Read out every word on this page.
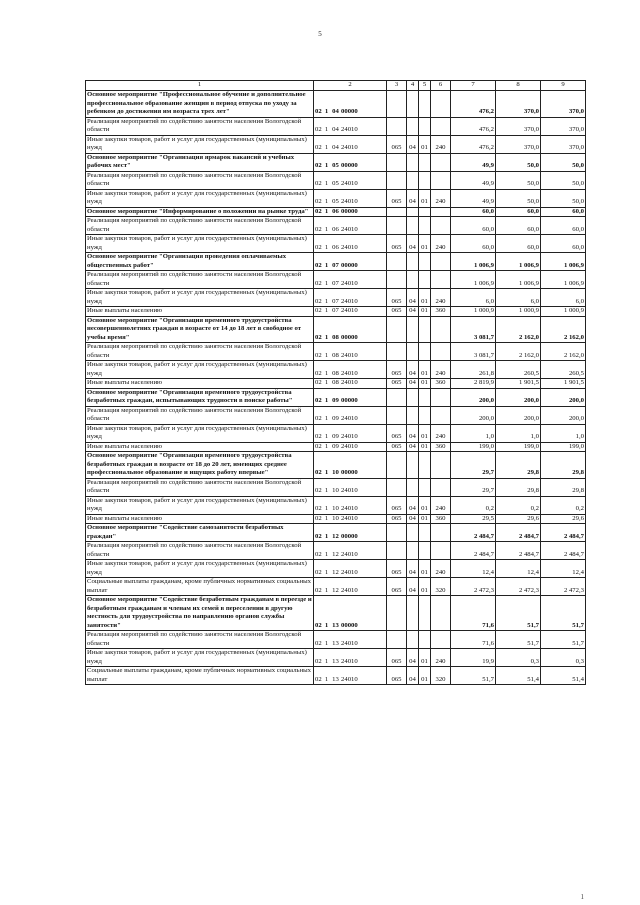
5
1
1	2	3	4	5	6	7	8	9
Основное мероприятие "Профессиональное обучение и дополнительное профессиональное образование женщин в период отпуска по уходу за ребенком до достижения им возраста трех лет"	02 1 04 00000					476,2	370,0	370,0
Реализация мероприятий по содействию занятости населения Вологодской области	02 1 04 24010					476,2	370,0	370,0
Иные закупки товаров, работ и услуг для государственных (муниципальных) нужд	02 1 04 24010	065	04	01	240	476,2	370,0	370,0
Основное мероприятие "Организация ярмарок вакансий и учебных рабочих мест"	02 1 05 00000					49,9	50,0	50,0
Реализация мероприятий по содействию занятости населения Вологодской области	02 1 05 24010					49,9	50,0	50,0
Иные закупки товаров, работ и услуг для государственных (муниципальных) нужд	02 1 05 24010	065	04	01	240	49,9	50,0	50,0
Основное мероприятие "Информирование о положении на рынке труда"	02 1 06 00000					60,0	60,0	60,0
Реализация мероприятий по содействию занятости населения Вологодской области	02 1 06 24010					60,0	60,0	60,0
Иные закупки товаров, работ и услуг для государственных (муниципальных) нужд	02 1 06 24010	065	04	01	240	60,0	60,0	60,0
Основное мероприятие "Организация проведения оплачиваемых общественных работ"	02 1 07 00000					1 006,9	1 006,9	1 006,9
Реализация мероприятий по содействию занятости населения Вологодской области	02 1 07 24010					1 006,9	1 006,9	1 006,9
Иные закупки товаров, работ и услуг для государственных (муниципальных) нужд	02 1 07 24010	065	04	01	240	6,0	6,0	6,0
Иные выплаты населению	02 1 07 24010	065	04	01	360	1 000,9	1 000,9	1 000,9
Основное мероприятие "Организация временного трудоустройства несовершеннолетних граждан в возрасте от 14 до 18 лет в свободное от учебы время"	02 1 08 00000					3 081,7	2 162,0	2 162,0
Реализация мероприятий по содействию занятости населения Вологодской области	02 1 08 24010					3 081,7	2 162,0	2 162,0
Иные закупки товаров, работ и услуг для государственных (муниципальных) нужд	02 1 08 24010	065	04	01	240	261,8	260,5	260,5
Иные выплаты населению	02 1 08 24010	065	04	01	360	2 819,9	1 901,5	1 901,5
Основное мероприятие "Организация временного трудоустройства безработных граждан, испытывающих трудности в поиске работы"	02 1 09 00000					200,0	200,0	200,0
Реализация мероприятий по содействию занятости населения Вологодской области	02 1 09 24010					200,0	200,0	200,0
Иные закупки товаров, работ и услуг для государственных (муниципальных) нужд	02 1 09 24010	065	04	01	240	1,0	1,0	1,0
Иные выплаты населению	02 1 09 24010	065	04	01	360	199,0	199,0	199,0
Основное мероприятие "Организация временного трудоустройства безработных граждан в возрасте от 18 до 20 лет, имеющих среднее профессиональное образование и ищущих работу впервые"	02 1 10 00000					29,7	29,8	29,8
Реализация мероприятий по содействию занятости населения Вологодской области	02 1 10 24010					29,7	29,8	29,8
Иные закупки товаров, работ и услуг для государственных (муниципальных) нужд	02 1 10 24010	065	04	01	240	0,2	0,2	0,2
Иные выплаты населению	02 1 10 24010	065	04	01	360	29,5	29,6	29,6
Основное мероприятие "Содействие самозанятости безработных граждан"	02 1 12 00000					2 484,7	2 484,7	2 484,7
Реализация мероприятий по содействию занятости населения Вологодской области	02 1 12 24010					2 484,7	2 484,7	2 484,7
Иные закупки товаров, работ и услуг для государственных (муниципальных) нужд	02 1 12 24010	065	04	01	240	12,4	12,4	12,4
Социальные выплаты гражданам, кроме публичных нормативных социальных выплат	02 1 12 24010	065	04	01	320	2 472,3	2 472,3	2 472,3
Основное мероприятие "Содействие безработным гражданам в переезде и безработным гражданам и членам их семей в переселении в другую местность для трудоустройства по направлению органов службы занятости"	02 1 13 00000					71,6	51,7	51,7
Реализация мероприятий по содействию занятости населения Вологодской области	02 1 13 24010					71,6	51,7	51,7
Иные закупки товаров, работ и услуг для государственных (муниципальных) нужд	02 1 13 24010	065	04	01	240	19,9	0,3	0,3
Социальные выплаты гражданам, кроме публичных нормативных социальных выплат	02 1 13 24010	065	04	01	320	51,7	51,4	51,4
